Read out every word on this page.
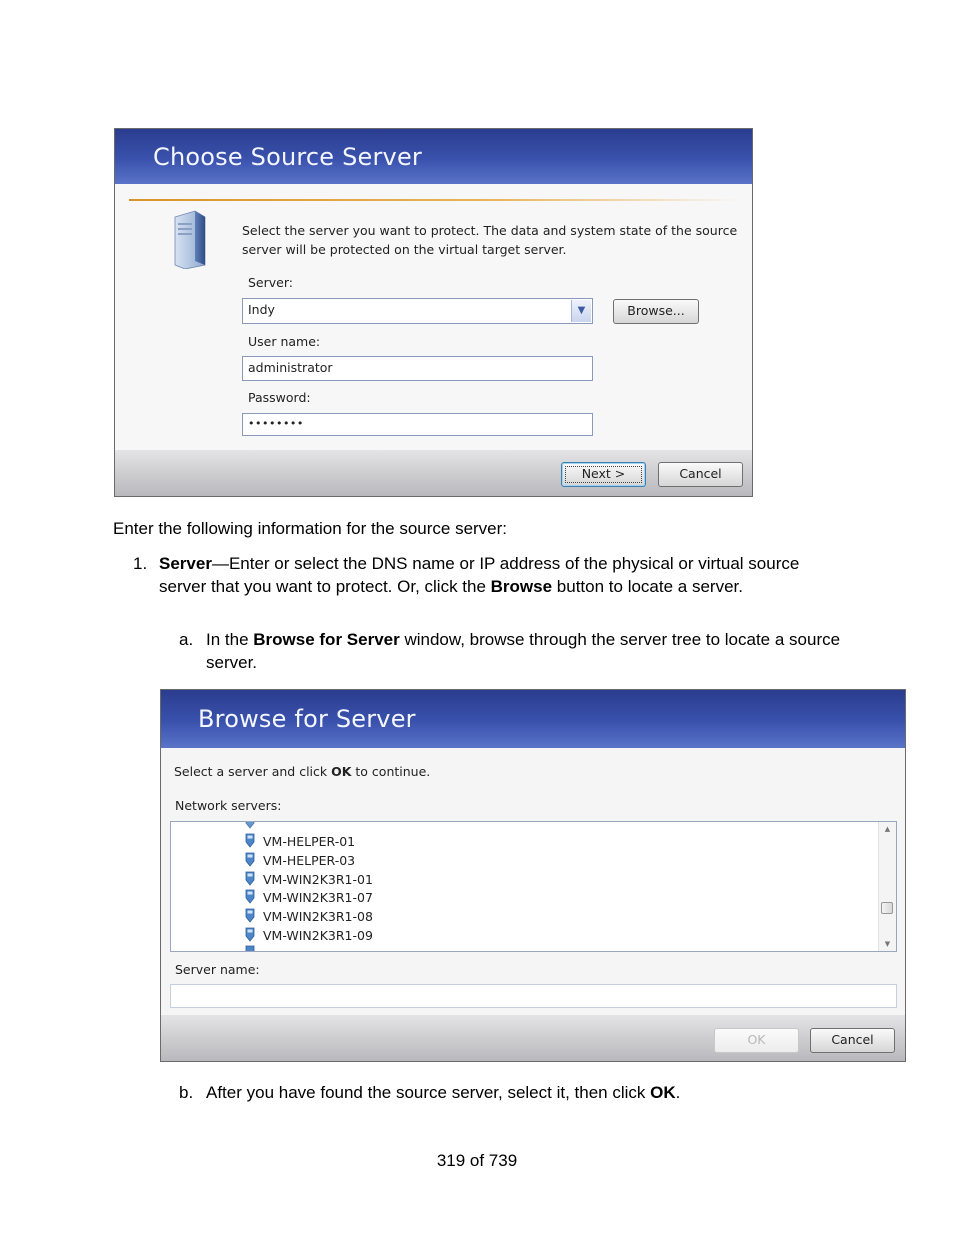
Choose Source Server
Select the server you want to protect. The data and system state of the source server will be protected on the virtual target server.
Server:
Indy	▼	Browse...
User name:
administrator
Password:
••••••••
Next >	Cancel
Enter the following information for the source server:
1. Server—Enter or select the DNS name or IP address of the physical or virtual source server that you want to protect. Or, click the Browse button to locate a server.
a. In the Browse for Server window, browse through the server tree to locate a source server.
Browse for Server
Select a server and click OK to continue.
Network servers:
VM-HELPER-01
VM-HELPER-03
VM-WIN2K3R1-01
VM-WIN2K3R1-07
VM-WIN2K3R1-08
VM-WIN2K3R1-09
▲
▼
Server name:
OK	Cancel
b. After you have found the source server, select it, then click OK.
319 of 739
